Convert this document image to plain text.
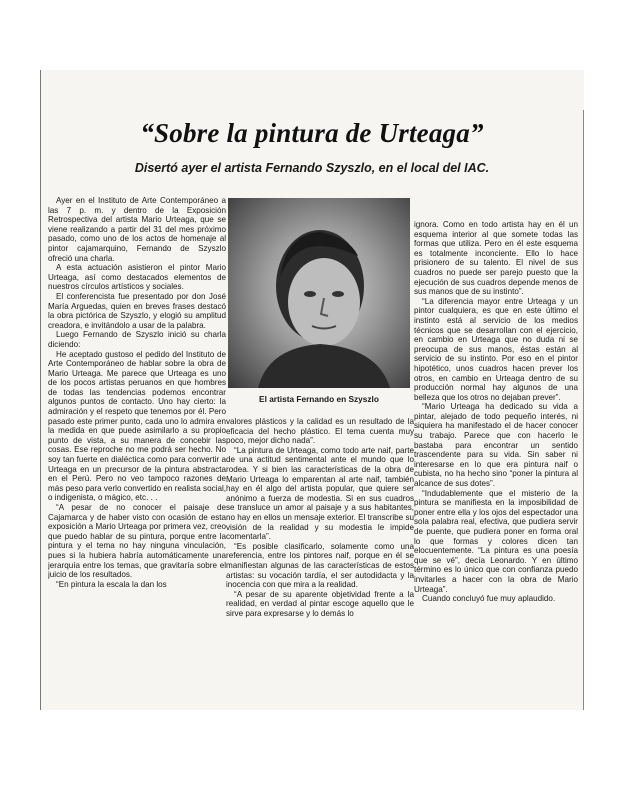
“Sobre la pintura de Urteaga”
Disertó ayer el artista Fernando Szyszlo, en el local del IAC.

Ayer en el Instituto de Arte Contemporáneo a las 7 p. m. y dentro de la Exposición Retrospectiva del artista Mario Urteaga, que se viene realizando a partir del 31 del mes próximo pasado, como uno de los actos de homenaje al pintor cajamarquino, Fernando de Szyszlo ofreció una charla.

A esta actuación asistieron el pintor Mario Urteaga, así como destacados elementos de nuestros círculos artísticos y sociales.

El conferencista fue presentado por don José María Arguedas, quien en breves frases destacó la obra pictórica de Szyszlo, y elogió su amplitud creadora, e invitándolo a usar de la palabra.

Luego Fernando de Szyszlo inició su charla diciendo:

He aceptado gustoso el pedido del Instituto de Arte Contemporáneo de hablar sobre la obra de Mario Urteaga. Me parece que Urteaga es uno de los pocos artistas peruanos en que hombres de todas las tendencias podemos encontrar algunos puntos de contacto. Uno hay cierto: la admiración y el respeto que tenemos por él. Pero pasado este primer punto, cada uno lo admira en la medida en que puede asimilarlo a su propio punto de vista, a su manera de concebir las cosas. Ese reproche no me podrá ser hecho. No soy tan fuerte en dialéctica como para convertir a Urteaga en un precursor de la pintura abstracta en el Perú. Pero no veo tampoco razones de más peso para verlo convertido en realista social, o indigenista, o mágico, etc. . .

“A pesar de no conocer el paisaje de Cajamarca y de haber visto con ocasión de esta exposición a Mario Urteaga por primera vez, creo que puedo hablar de su pintura, porque entre la pintura y el tema no hay ninguna vinculación, pues si la hubiera habría automáticamente una jerarquía entre los temas, que gravitaría sobre el juicio de los resultados.

“En pintura la escala la dan los

El artista Fernando en Szyszlo

valores plásticos y la calidad es un resultado de la eficacia del hecho plástico. El tema cuenta muy poco, mejor dicho nada”.

“La pintura de Urteaga, como todo arte naif, parte de una actitud sentimental ante el mundo que lo rodea. Y si bien las características de la obra de Mario Urteaga lo emparentan al arte naif, también hay en él algo del artista popular, que quiere ser anónimo a fuerza de modestia. Si en sus cuadros se transluce un amor al paisaje y a sus habitantes, no hay en ellos un mensaje exterior. El transcribe su visión de la realidad y su modestia le impide comentarla”.

“Es posible clasificarlo, solamente como una referencia, entre los pintores naif, porque en él se manifiestan algunas de las características de estos artistas: su vocación tardía, el ser autodidacta y la inocencia con que mira a la realidad.

“A pesar de su aparente objetividad frente a la realidad, en verdad al pintar escoge aquello que le sirve para expresarse y lo demás lo

ignora. Como en todo artista hay en él un esquema interior al que somete todas las formas que utiliza. Pero en él este esquema es totalmente inconciente. Ello lo hace prisionero de su talento. El nivel de sus cuadros no puede ser parejo puesto que la ejecución de sus cuadros depende menos de sus manos que de su instinto”.

“La diferencia mayor entre Urteaga y un pintor cualquiera, es que en este último el instinto está al servicio de los medios técnicos que se desarrollan con el ejercicio, en cambio en Urteaga que no duda ni se preocupa de sus manos, éstas están al servicio de su instinto. Por eso en el pintor hipotético, unos cuadros hacen prever los otros, en cambio en Urteaga dentro de su producción normal hay algunos de una belleza que los otros no dejaban prever”.

“Mario Urteaga ha dedicado su vida a pintar, alejado de todo pequeño interés, ni siquiera ha manifestado el de hacer conocer su trabajo. Parece que con hacerlo le bastaba para encontrar un sentido trascendente para su vida. Sin saber ni interesarse en lo que era pintura naif o cubista, no ha hecho sino “poner la pintura al alcance de sus dotes”.

“Indudablemente que el misterio de la pintura se manifiesta en la imposibilidad de poner entre ella y los ojos del espectador una sola palabra real, efectiva, que pudiera servir de puente, que pudiera poner en forma oral lo que formas y colores dicen tan elocuentemente. “La pintura es una poesía que se vé”, decía Leonardo. Y en último término es lo único que con confianza puedo invitarles a hacer con la obra de Mario Urteaga”.

Cuando concluyó fue muy aplaudido.
